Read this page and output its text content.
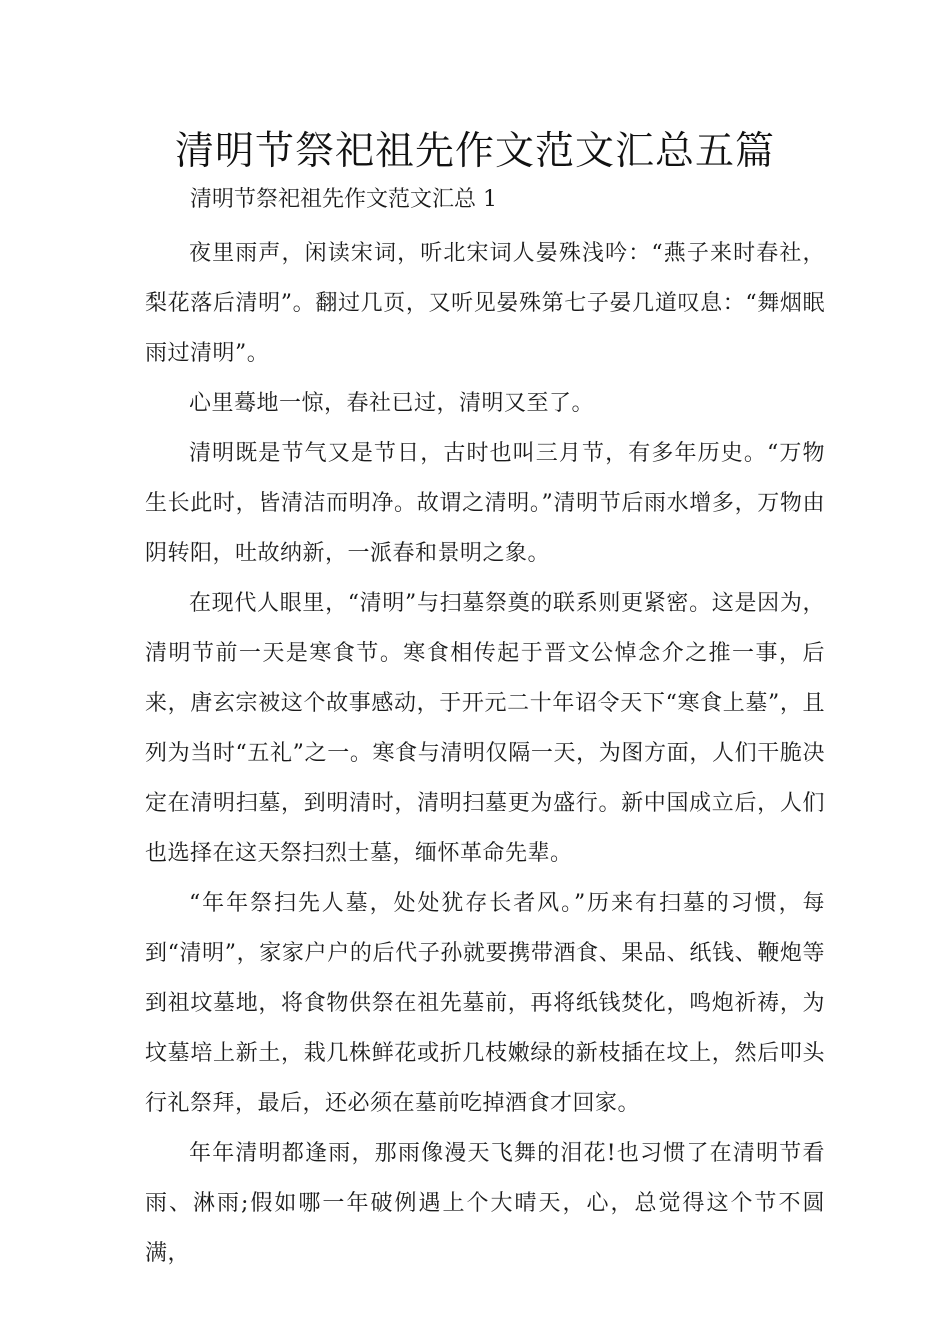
清明节祭祀祖先作文范文汇总五篇

清明节祭祀祖先作文范文汇总 1

夜里雨声，闲读宋词，听北宋词人晏殊浅吟：“燕子来时春社，梨花落后清明”。翻过几页，又听见晏殊第七子晏几道叹息：“舞烟眠雨过清明”。

心里蓦地一惊，春社已过，清明又至了。

清明既是节气又是节日，古时也叫三月节，有多年历史。“万物生长此时，皆清洁而明净。故谓之清明。”清明节后雨水增多，万物由阴转阳，吐故纳新，一派春和景明之象。

在现代人眼里，“清明”与扫墓祭奠的联系则更紧密。这是因为，清明节前一天是寒食节。寒食相传起于晋文公悼念介之推一事，后来，唐玄宗被这个故事感动，于开元二十年诏令天下“寒食上墓”，且列为当时“五礼”之一。寒食与清明仅隔一天，为图方面，人们干脆决定在清明扫墓，到明清时，清明扫墓更为盛行。新中国成立后，人们也选择在这天祭扫烈士墓，缅怀革命先辈。

“年年祭扫先人墓，处处犹存长者风。”历来有扫墓的习惯，每到“清明”，家家户户的后代子孙就要携带酒食、果品、纸钱、鞭炮等到祖坟墓地，将食物供祭在祖先墓前，再将纸钱焚化，鸣炮祈祷，为坟墓培上新土，栽几株鲜花或折几枝嫩绿的新枝插在坟上，然后叩头行礼祭拜，最后，还必须在墓前吃掉酒食才回家。

年年清明都逢雨，那雨像漫天飞舞的泪花!也习惯了在清明节看雨、淋雨;假如哪一年破例遇上个大晴天，心，总觉得这个节不圆满，
